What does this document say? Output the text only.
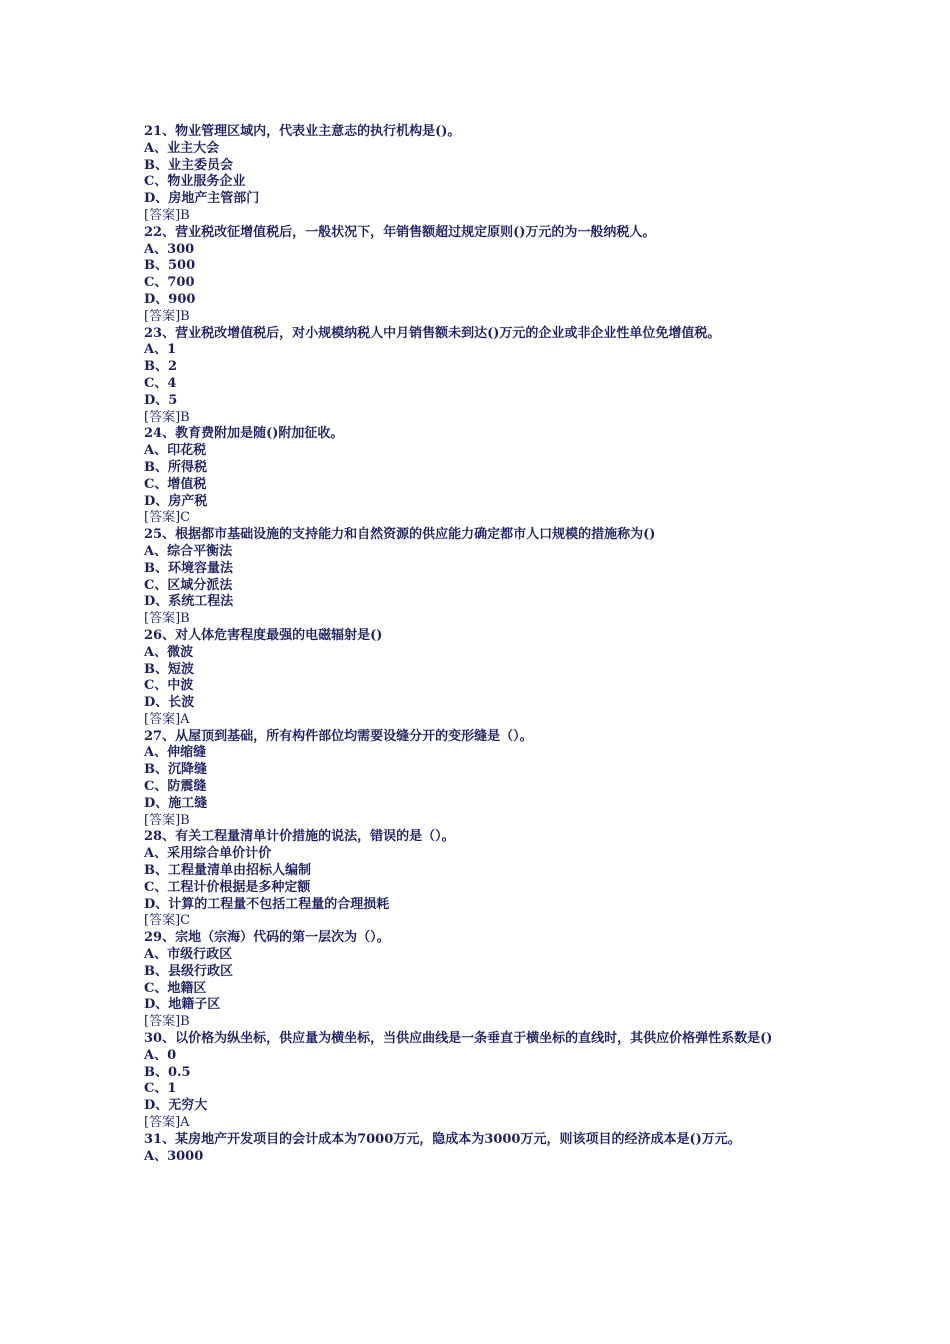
21、物业管理区域内，代表业主意志的执行机构是()。
A、业主大会
B、业主委员会
C、物业服务企业
D、房地产主管部门
[答案]B
22、营业税改征增值税后，一般状况下，年销售额超过规定原则()万元的为一般纳税人。
A、300
B、500
C、700
D、900
[答案]B
23、营业税改增值税后，对小规模纳税人中月销售额未到达()万元的企业或非企业性单位免增值税。
A、1
B、2
C、4
D、5
[答案]B
24、教育费附加是随()附加征收。
A、印花税
B、所得税
C、增值税
D、房产税
[答案]C
25、根据都市基础设施的支持能力和自然资源的供应能力确定都市人口规模的措施称为()
A、综合平衡法
B、环境容量法
C、区域分派法
D、系统工程法
[答案]B
26、对人体危害程度最强的电磁辐射是()
A、微波
B、短波
C、中波
D、长波
[答案]A
27、从屋顶到基础，所有构件部位均需要设缝分开的变形缝是（）。
A、伸缩缝
B、沉降缝
C、防震缝
D、施工缝
[答案]B
28、有关工程量清单计价措施的说法，错误的是（）。
A、采用综合单价计价
B、工程量清单由招标人编制
C、工程计价根据是多种定额
D、计算的工程量不包括工程量的合理损耗
[答案]C
29、宗地（宗海）代码的第一层次为（）。
A、市级行政区
B、县级行政区
C、地籍区
D、地籍子区
[答案]B
30、以价格为纵坐标，供应量为横坐标，当供应曲线是一条垂直于横坐标的直线时，其供应价格弹性系数是()
A、0
B、0.5
C、1
D、无穷大
[答案]A
31、某房地产开发项目的会计成本为7000万元，隐成本为3000万元，则该项目的经济成本是()万元。
A、3000
